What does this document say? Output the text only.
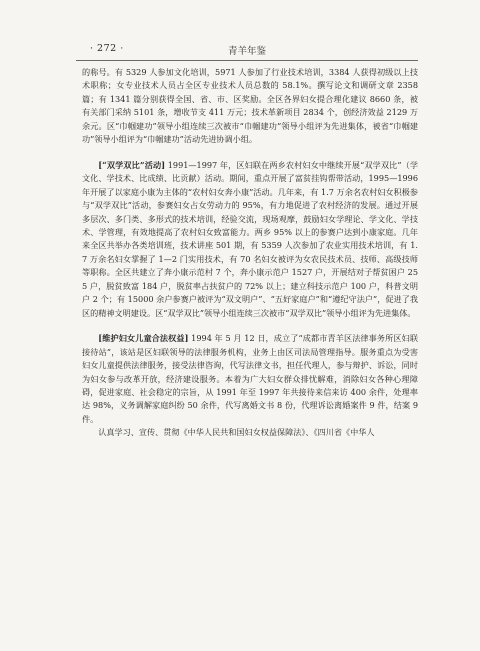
· 272 ·	青羊年鉴

的称号。有 5329 人参加文化培训，5971 人参加了行业技术培训，3384 人获得初级以上技术职称；女专业技术人员占全区专业技术人员总数的 58.1%。撰写论文和调研文章 2358 篇；有 1341 篇分别获得全国、省、市、区奖励。全区各界妇女提合理化建议 8660 条，被有关部门采纳 5101 条，增收节支 411 万元；技术革新项目 2834 个，创经济效益 2129 万余元。区“巾帼建功”领导小组连续三次被市“巾帼建功”领导小组评为先进集体，被省“巾帼建功”领导小组评为“巾帼建功”活动先进协调小组。

[“双学双比”活动] 1991—1997 年，区妇联在两乡农村妇女中继续开展“双学双比”（学文化、学技术、比成绩、比贡献）活动。期间，重点开展了富贫挂钩帮带活动，1995—1996 年开展了以家庭小康为主体的“农村妇女奔小康”活动。几年来，有 1.7 万余名农村妇女积极参与“双学双比”活动，参赛妇女占女劳动力的 95%，有力地促进了农村经济的发展。通过开展多层次、多门类、多形式的技术培训，经验交流，现场观摩，鼓励妇女学理论、学文化、学技术、学管理，有效地提高了农村妇女致富能力。两乡 95% 以上的参赛户达到小康家庭。几年来全区共举办各类培训班，技术讲座 501 期，有 5359 人次参加了农业实用技术培训，有 1.7 万余名妇女掌握了 1—2 门实用技术，有 70 名妇女被评为女农民技术员、技师、高级技师等职称。全区共建立了奔小康示范村 7 个，奔小康示范户 1527 户，开展结对子帮贫困户 255 户，脱贫致富 184 户，脱贫率占扶贫户的 72% 以上；建立科技示范户 100 户，科普文明户 2 个；有 15000 余户参赛户被评为“双文明户”、“五好家庭户”和“遵纪守法户”，促进了我区的精神文明建设。区“双学双比”领导小组连续三次被市“双学双比”领导小组评为先进集体。

[维护妇女儿童合法权益] 1994 年 5 月 12 日，成立了“成都市青羊区法律事务所区妇联接待站”，该站是区妇联领导的法律服务机构，业务上由区司法局管理指导。服务重点为受害妇女儿童提供法律服务，接受法律咨询，代写法律文书，担任代理人，参与辩护、诉讼，同时为妇女参与改革开放，经济建设服务。本着为广大妇女群众排忧解难，消除妇女各种心理障碍，促进家庭、社会稳定的宗旨，从 1991 年至 1997 年共接待来信来访 400 余件，处理率达 98%，义务调解家庭纠纷 50 余件，代写离婚文书 8 份，代理诉讼离婚案件 9 件，结案 9 件。

认真学习、宣传、贯彻《中华人民共和国妇女权益保障法》、《四川省《中华人
